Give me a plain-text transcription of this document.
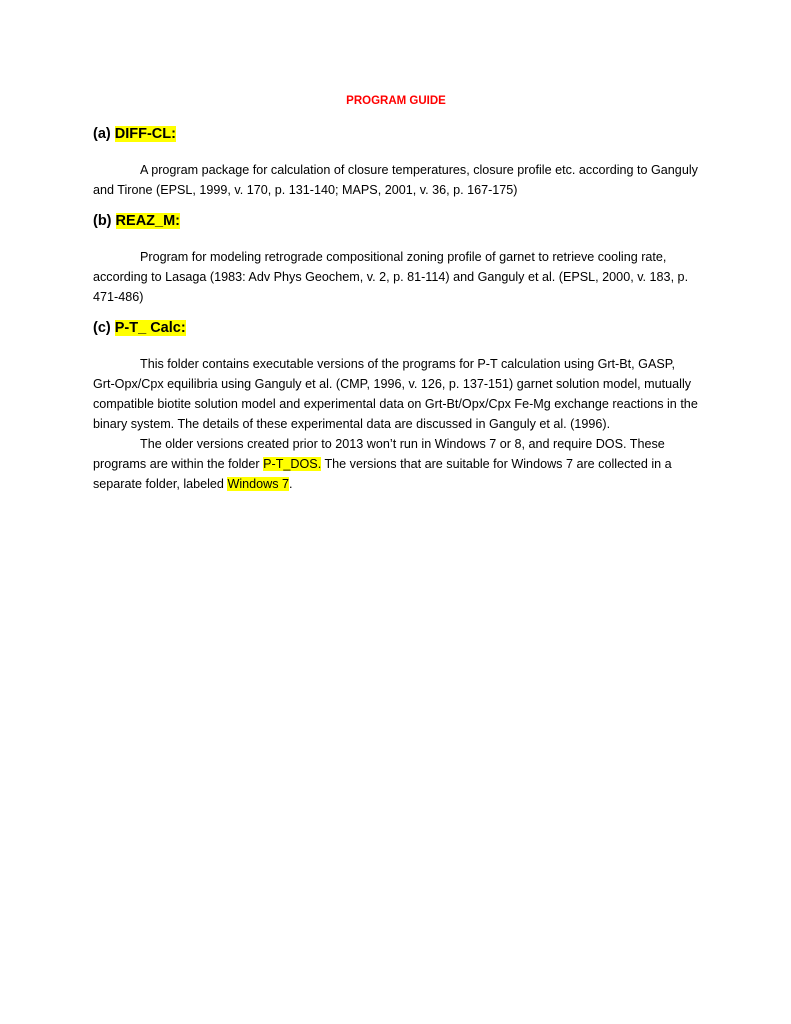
PROGRAM GUIDE
(a) DIFF-CL:

A program package for calculation of closure temperatures, closure profile etc. according to Ganguly and Tirone (EPSL, 1999, v. 170, p. 131-140; MAPS, 2001, v. 36, p. 167-175)

(b) REAZ_M:

Program for modeling retrograde compositional zoning profile of garnet to retrieve cooling rate, according to Lasaga (1983: Adv Phys Geochem, v. 2, p. 81-114) and Ganguly et al. (EPSL, 2000, v. 183, p. 471-486)

(c) P-T_ Calc:

This folder contains executable versions of the programs for P-T calculation using Grt-Bt, GASP, Grt-Opx/Cpx equilibria using Ganguly et al. (CMP, 1996, v. 126, p. 137-151) garnet solution model, mutually compatible biotite solution model and experimental data on Grt-Bt/Opx/Cpx Fe-Mg exchange reactions in the binary system. The details of these experimental data are discussed in Ganguly et al. (1996).

The older versions created prior to 2013 won’t run in Windows 7 or 8, and require DOS. These programs are within the folder P-T_DOS. The versions that are suitable for Windows 7 are collected in a separate folder, labeled Windows 7.
